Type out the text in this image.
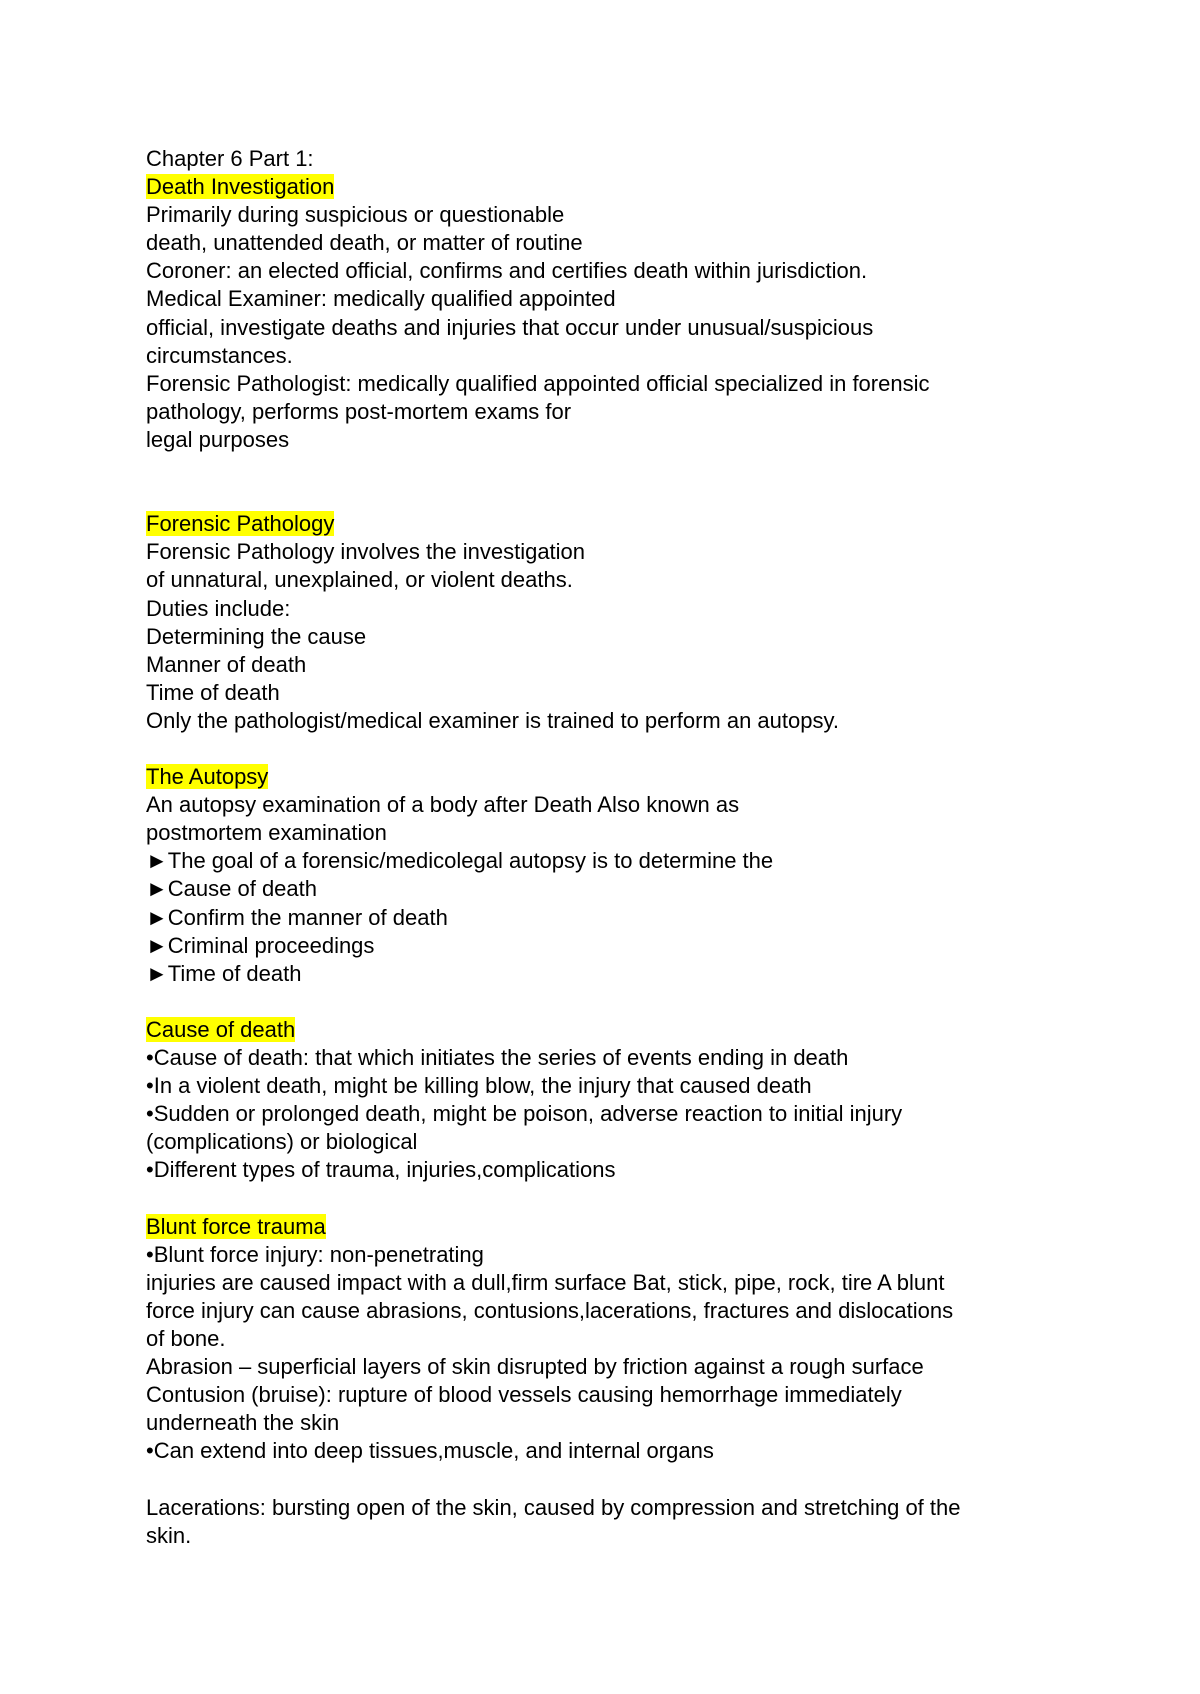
Chapter 6 Part 1:
Death Investigation
Primarily during suspicious or questionable
death, unattended death, or matter of routine
Coroner: an elected official, confirms and certifies death within jurisdiction.
Medical Examiner: medically qualified appointed
official, investigate deaths and injuries that occur under unusual/suspicious
circumstances.
Forensic Pathologist: medically qualified appointed official specialized in forensic
pathology, performs post-mortem exams for
legal purposes
Forensic Pathology
Forensic Pathology involves the investigation
of unnatural, unexplained, or violent deaths.
Duties include:
Determining the cause
Manner of death
Time of death
Only the pathologist/medical examiner is trained to perform an autopsy.
The Autopsy
An autopsy examination of a body after Death Also known as
postmortem examination
►The goal of a forensic/medicolegal autopsy is to determine the
►Cause of death
►Confirm the manner of death
►Criminal proceedings
►Time of death
Cause of death
•Cause of death: that which initiates the series of events ending in death
•In a violent death, might be killing blow, the injury that caused death
•Sudden or prolonged death, might be poison, adverse reaction to initial injury
(complications) or biological
•Different types of trauma, injuries,complications
Blunt force trauma
•Blunt force injury: non-penetrating
injuries are caused impact with a dull,firm surface Bat, stick, pipe, rock, tire A blunt
force injury can cause abrasions, contusions,lacerations, fractures and dislocations
of bone.
Abrasion – superficial layers of skin disrupted by friction against a rough surface
Contusion (bruise): rupture of blood vessels causing hemorrhage immediately
underneath the skin
•Can extend into deep tissues,muscle, and internal organs
Lacerations: bursting open of the skin, caused by compression and stretching of the
skin.
